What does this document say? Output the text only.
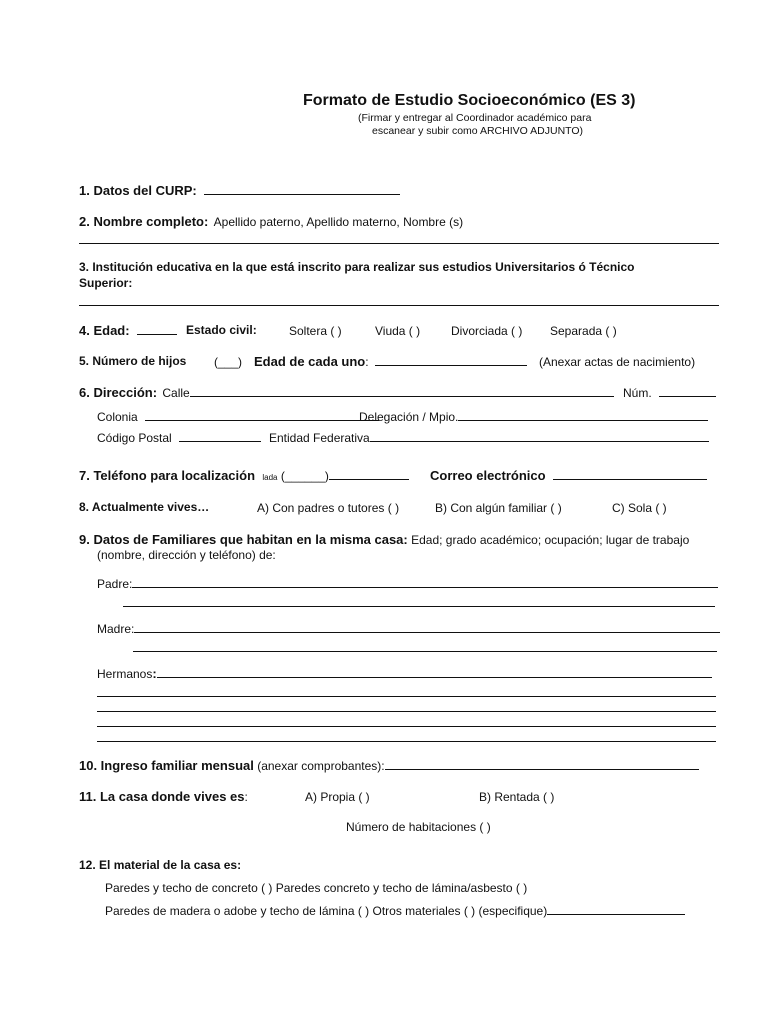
Formato de Estudio Socioeconómico (ES 3)
(Firmar y entregar al Coordinador académico para
escanear y subir como ARCHIVO ADJUNTO)
1. Datos del CURP:
2. Nombre completo: Apellido paterno, Apellido materno, Nombre (s)
3. Institución educativa en la que está inscrito para realizar sus estudios Universitarios ó Técnico
Superior:
4. Edad:	Estado civil:	Soltera ( )	Viuda ( )	Divorciada ( ) Separada ( )
5. Número de hijos (___) Edad de cada uno:	(Anexar actas de nacimiento)
6. Dirección: Calle	Núm.
Colonia	Delegación / Mpio.
Código Postal	Entidad Federativa
7. Teléfono para localización lada (______)	Correo electrónico
8. Actualmente vives…	A) Con padres o tutores ( )	B) Con algún familiar ( )	C) Sola ( )
9. Datos de Familiares que habitan en la misma casa: Edad; grado académico; ocupación; lugar de trabajo
(nombre, dirección y teléfono) de:
Padre:
Madre:
Hermanos:
10. Ingreso familiar mensual (anexar comprobantes):
11. La casa donde vives es:	A) Propia ( )	B) Rentada ( )
Número de habitaciones ( )
12. El material de la casa es:
Paredes y techo de concreto ( ) Paredes concreto y techo de lámina/asbesto ( )
Paredes de madera o adobe y techo de lámina ( ) Otros materiales ( ) (especifique)
